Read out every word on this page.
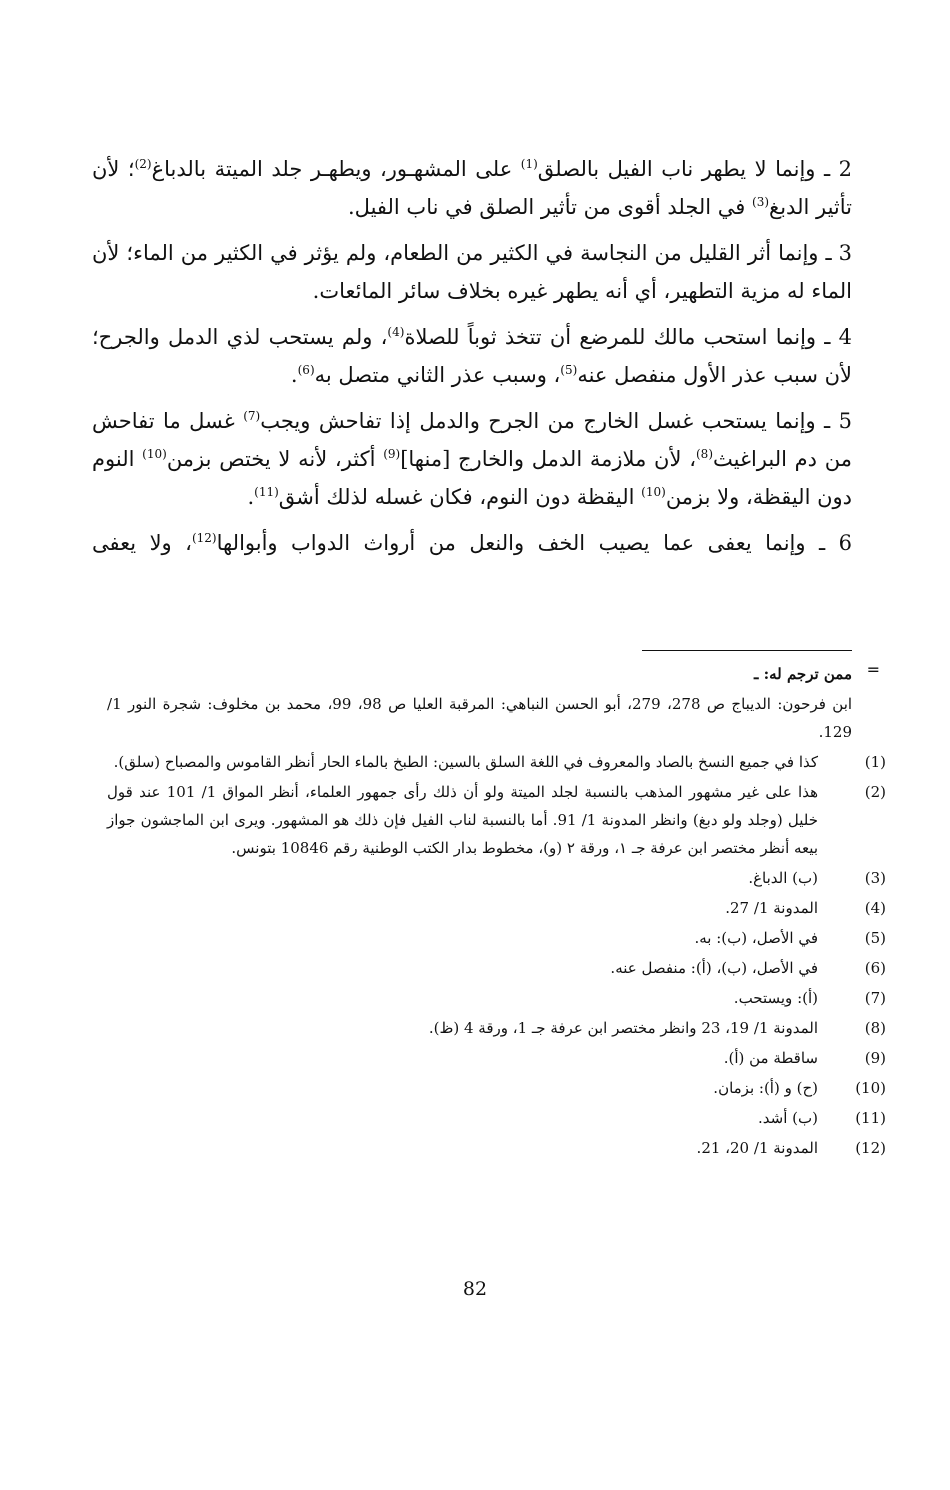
2 ـ وإنما لا يطهر ناب الفيل بالصلق$^{(1)}$ على المشهـور، ويطهـر جلد الميتة بالدباغ$^{(2)}$؛ لأن تأثير الدبغ$^{(3)}$ في الجلد أقوى من تأثير الصلق في ناب الفيل.

3 ـ وإنما أثر القليل من النجاسة في الكثير من الطعام، ولم يؤثر في الكثير من الماء؛ لأن الماء له مزية التطهير، أي أنه يطهر غيره بخلاف سائر المائعات.

4 ـ وإنما استحب مالك للمرضع أن تتخذ ثوباً للصلاة$^{(4)}$، ولم يستحب لذي الدمل والجرح؛ لأن سبب عذر الأول منفصل عنه$^{(5)}$، وسبب عذر الثاني متصل به$^{(6)}$.

5 ـ وإنما يستحب غسل الخارج من الجرح والدمل إذا تفاحش ويجب$^{(7)}$ غسل ما تفاحش من دم البراغيث$^{(8)}$، لأن ملازمة الدمل والخارج [منها]$^{(9)}$ أكثر، لأنه لا يختص بزمن$^{(10)}$ النوم دون اليقظة، ولا بزمن$^{(10)}$ اليقظة دون النوم، فكان غسله لذلك أشق$^{(11)}$.

6 ـ وإنما يعفى عما يصيب الخف والنعل من أرواث الدواب وأبوالها$^{(12)}$، ولا يعفى

=

ممن ترجم له: ـ

ابن فرحون: الديباج ص 278، 279، أبو الحسن النباهي: المرقبة العليا ص 98، 99، محمد بن مخلوف: شجرة النور 1/ 129.

(1)كذا في جميع النسخ بالصاد والمعروف في اللغة السلق بالسين: الطبخ بالماء الحار أنظر القاموس والمصباح (سلق).

(2)هذا على غير مشهور المذهب بالنسبة لجلد الميتة ولو أن ذلك رأى جمهور العلماء، أنظر المواق 1/ 101 عند قول خليل (وجلد ولو دبغ) وانظر المدونة 1/ 91. أما بالنسبة لناب الفيل فإن ذلك هو المشهور. ويرى ابن الماجشون جواز بيعه أنظر مختصر ابن عرفة جـ ١، ورقة ٢ (و)، مخطوط بدار الكتب الوطنية رقم 10846 بتونس.

(3)(ب) الدباغ.

(4)المدونة 1/ 27.

(5)في الأصل، (ب): به.

(6)في الأصل، (ب)، (أ): منفصل عنه.

(7)(أ): ويستحب.

(8)المدونة 1/ 19، 23 وانظر مختصر ابن عرفة جـ 1، ورقة 4 (ظ).

(9)ساقطة من (أ).

(10)(ح) و (أ): بزمان.

(11)(ب) أشد.

(12)المدونة 1/ 20، 21.

82
